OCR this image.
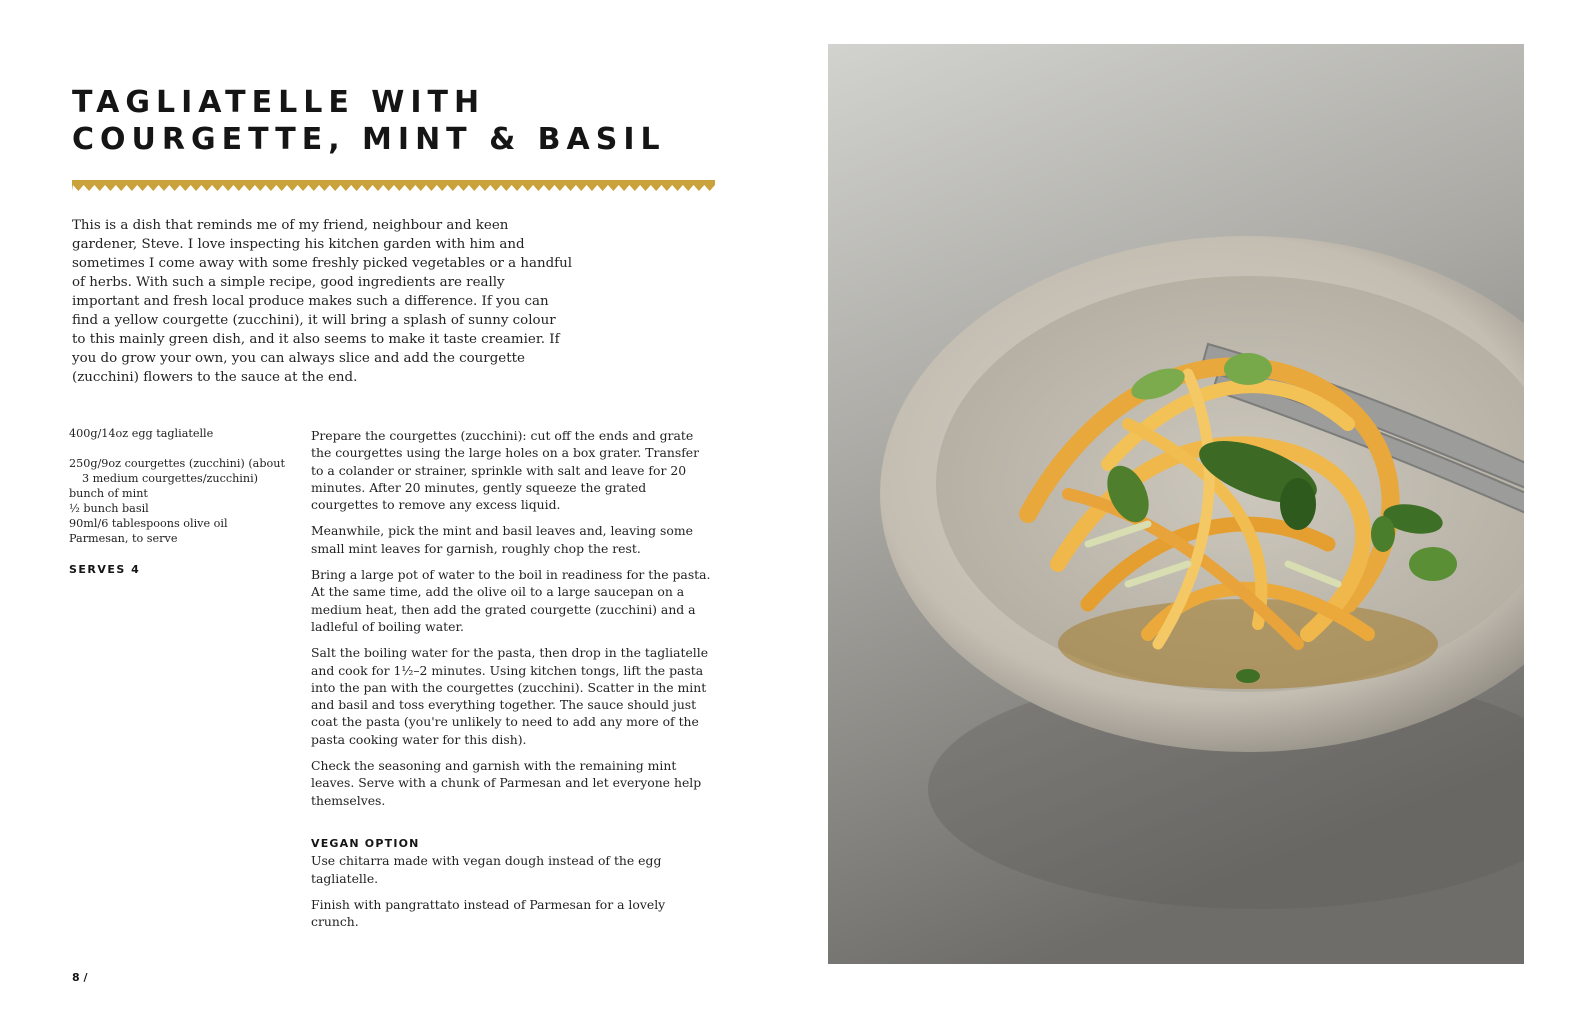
TAGLIATELLE WITH
COURGETTE, MINT & BASIL
This is a dish that reminds me of my friend, neighbour and keen gardener, Steve. I love inspecting his kitchen garden with him and sometimes I come away with some freshly picked vegetables or a handful of herbs. With such a simple recipe, good ingredients are really important and fresh local produce makes such a difference. If you can find a yellow courgette (zucchini), it will bring a splash of sunny colour to this mainly green dish, and it also seems to make it taste creamier. If you do grow your own, you can always slice and add the courgette (zucchini) flowers to the sauce at the end.
400g/14oz egg tagliatelle
250g/9oz courgettes (zucchini) (about 3 medium courgettes/zucchini)
bunch of mint
½ bunch basil
90ml/6 tablespoons olive oil
Parmesan, to serve
SERVES 4

Prepare the courgettes (zucchini): cut off the ends and grate the courgettes using the large holes on a box grater. Transfer to a colander or strainer, sprinkle with salt and leave for 20 minutes. After 20 minutes, gently squeeze the grated courgettes to remove any excess liquid.

Meanwhile, pick the mint and basil leaves and, leaving some small mint leaves for garnish, roughly chop the rest.

Bring a large pot of water to the boil in readiness for the pasta. At the same time, add the olive oil to a large saucepan on a medium heat, then add the grated courgette (zucchini) and a ladleful of boiling water.

Salt the boiling water for the pasta, then drop in the tagliatelle and cook for 1½–2 minutes. Using kitchen tongs, lift the pasta into the pan with the courgettes (zucchini). Scatter in the mint and basil and toss everything together. The sauce should just coat the pasta (you're unlikely to need to add any more of the pasta cooking water for this dish).

Check the seasoning and garnish with the remaining mint leaves. Serve with a chunk of Parmesan and let everyone help themselves.

VEGAN OPTION

Use chitarra made with vegan dough instead of the egg tagliatelle.

Finish with pangrattato instead of Parmesan for a lovely crunch.

8 /
